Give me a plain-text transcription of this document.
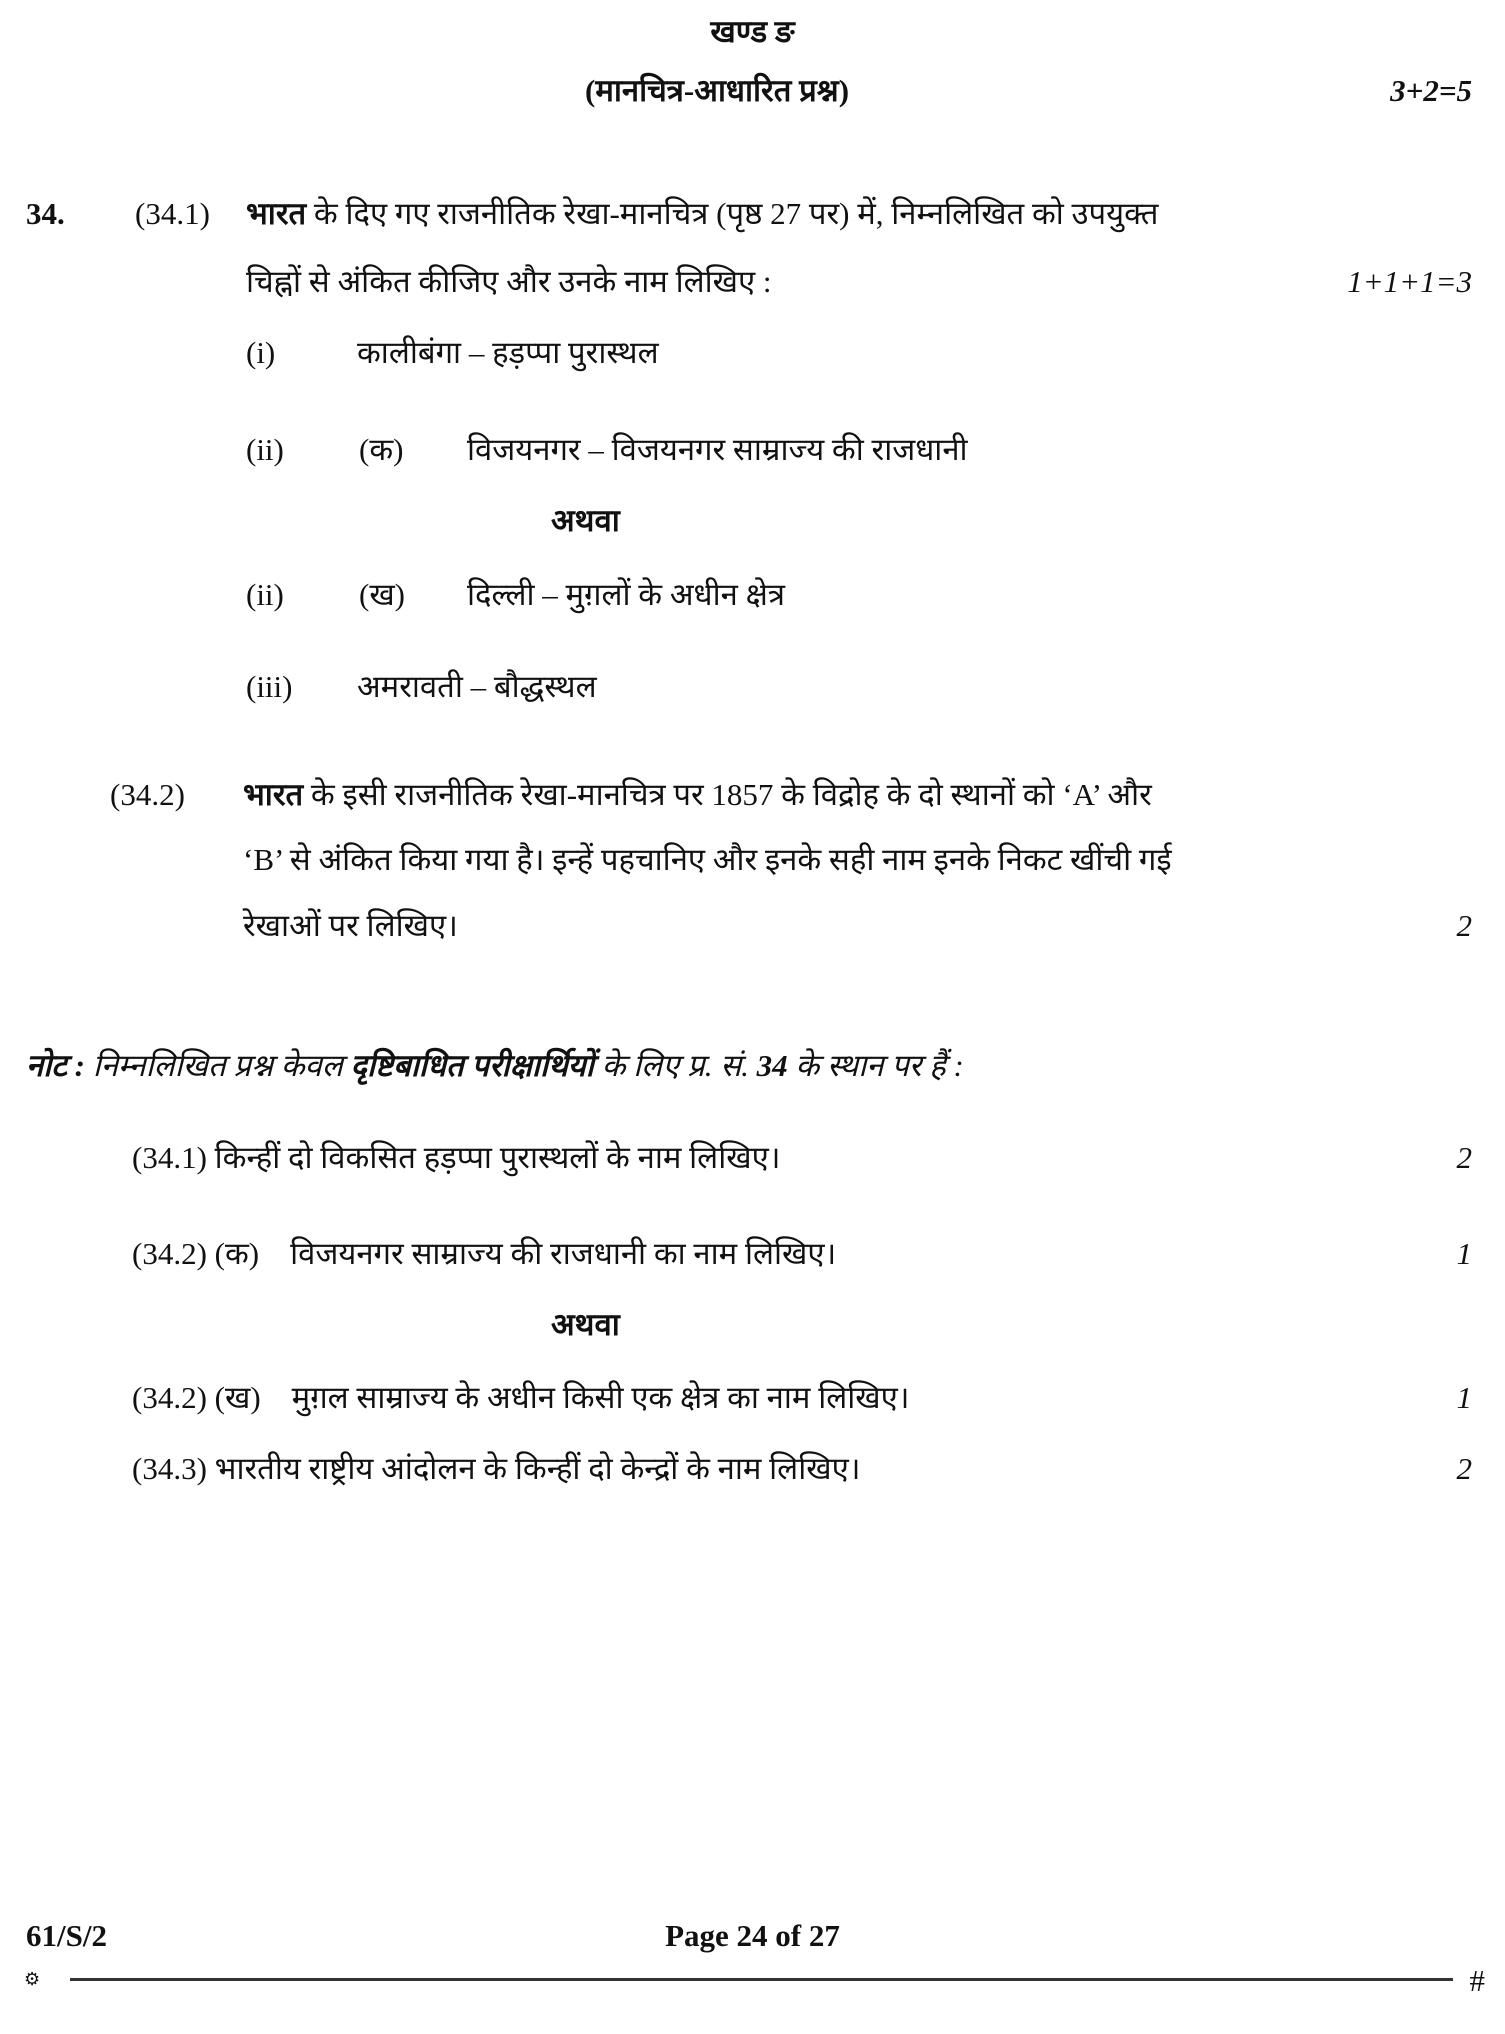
खण्ड ङ
(मानचित्र-आधारित प्रश्न)	3+2=5
34. (34.1) भारत के दिए गए राजनीतिक रेखा-मानचित्र (पृष्ठ 27 पर) में, निम्नलिखित को उपयुक्त
चिह्नों से अंकित कीजिए और उनके नाम लिखिए :	1+1+1=3
(i)	कालीबंगा – हड़प्पा पुरास्थल
(ii) (क) विजयनगर – विजयनगर साम्राज्य की राजधानी
अथवा
(ii) (ख) दिल्ली – मुग़लों के अधीन क्षेत्र
(iii) अमरावती – बौद्धस्थल
(34.2) भारत के इसी राजनीतिक रेखा-मानचित्र पर 1857 के विद्रोह के दो स्थानों को ‘A’ और
‘B’ से अंकित किया गया है। इन्हें पहचानिए और इनके सही नाम इनके निकट खींची गई
रेखाओं पर लिखिए।	2
नोट : निम्नलिखित प्रश्न केवल दृष्टिबाधित परीक्षार्थियों के लिए प्र. सं. 34 के स्थान पर हैं :
(34.1) किन्हीं दो विकसित हड़प्पा पुरास्थलों के नाम लिखिए।	2
(34.2) (क) विजयनगर साम्राज्य की राजधानी का नाम लिखिए।	1
अथवा
(34.2) (ख) मुग़ल साम्राज्य के अधीन किसी एक क्षेत्र का नाम लिखिए।	1
(34.3) भारतीय राष्ट्रीय आंदोलन के किन्हीं दो केन्द्रों के नाम लिखिए।	2
61/S/2	Page 24 of 27
⚙	#
